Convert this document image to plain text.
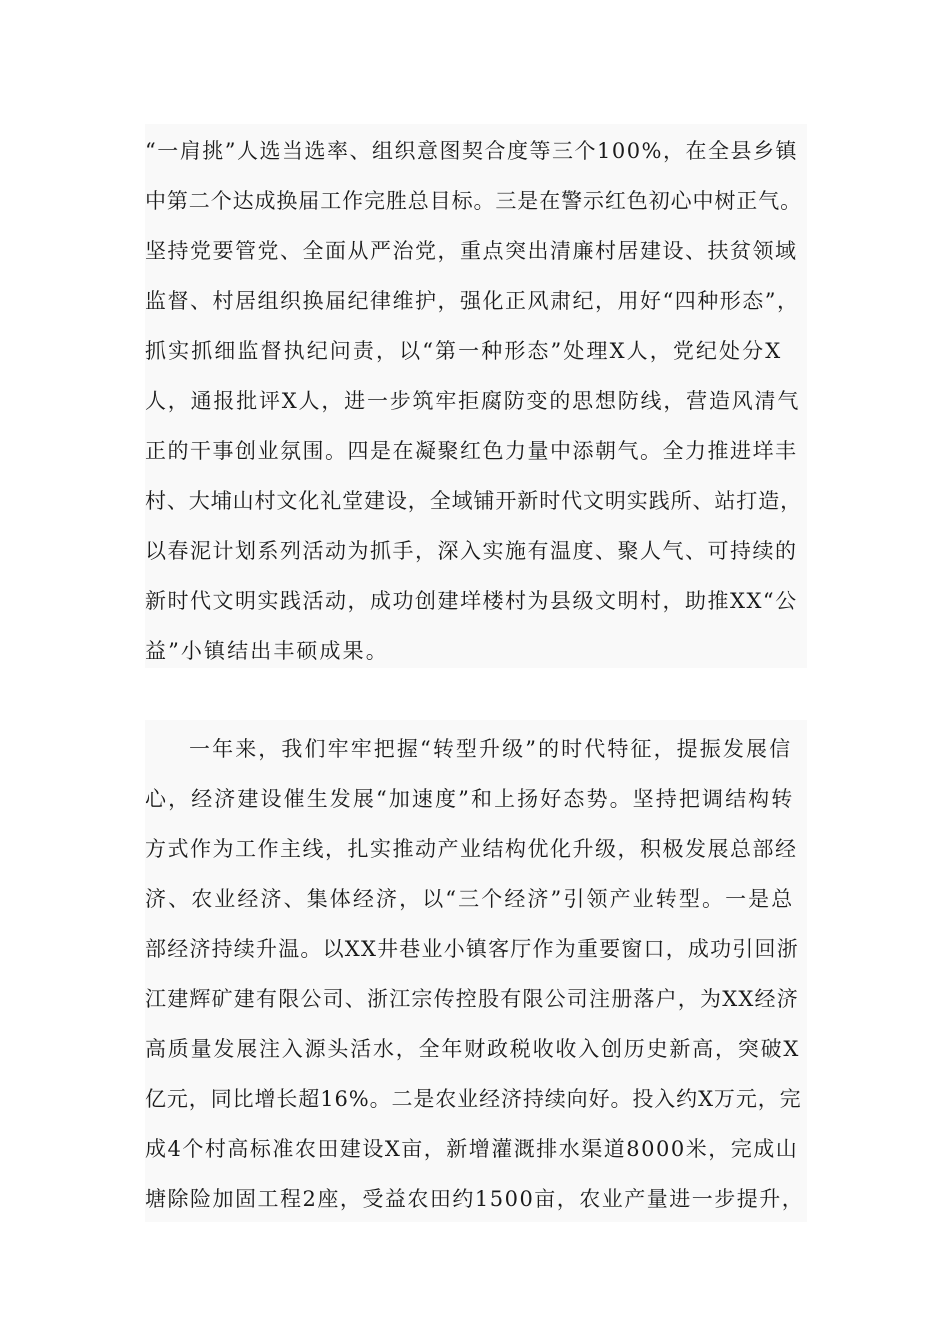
“一肩挑”人选当选率、组织意图契合度等三个100%，在全县乡镇
中第二个达成换届工作完胜总目标。三是在警示红色初心中树正气。
坚持党要管党、全面从严治党，重点突出清廉村居建设、扶贫领域
监督、村居组织换届纪律维护，强化正风肃纪，用好“四种形态”，
抓实抓细监督执纪问责，以“第一种形态”处理X人，党纪处分X
人，通报批评X人，进一步筑牢拒腐防变的思想防线，营造风清气
正的干事创业氛围。四是在凝聚红色力量中添朝气。全力推进垟丰
村、大埔山村文化礼堂建设，全域铺开新时代文明实践所、站打造，
以春泥计划系列活动为抓手，深入实施有温度、聚人气、可持续的
新时代文明实践活动，成功创建垟楼村为县级文明村，助推XX“公
益”小镇结出丰硕成果。
一年来，我们牢牢把握“转型升级”的时代特征，提振发展信
心，经济建设催生发展“加速度”和上扬好态势。坚持把调结构转
方式作为工作主线，扎实推动产业结构优化升级，积极发展总部经
济、农业经济、集体经济，以“三个经济”引领产业转型。一是总
部经济持续升温。以XX井巷业小镇客厅作为重要窗口，成功引回浙
江建辉矿建有限公司、浙江宗传控股有限公司注册落户，为XX经济
高质量发展注入源头活水，全年财政税收收入创历史新高，突破X
亿元，同比增长超16%。二是农业经济持续向好。投入约X万元，完
成4个村高标准农田建设X亩，新增灌溉排水渠道8000米，完成山
塘除险加固工程2座，受益农田约1500亩，农业产量进一步提升，
